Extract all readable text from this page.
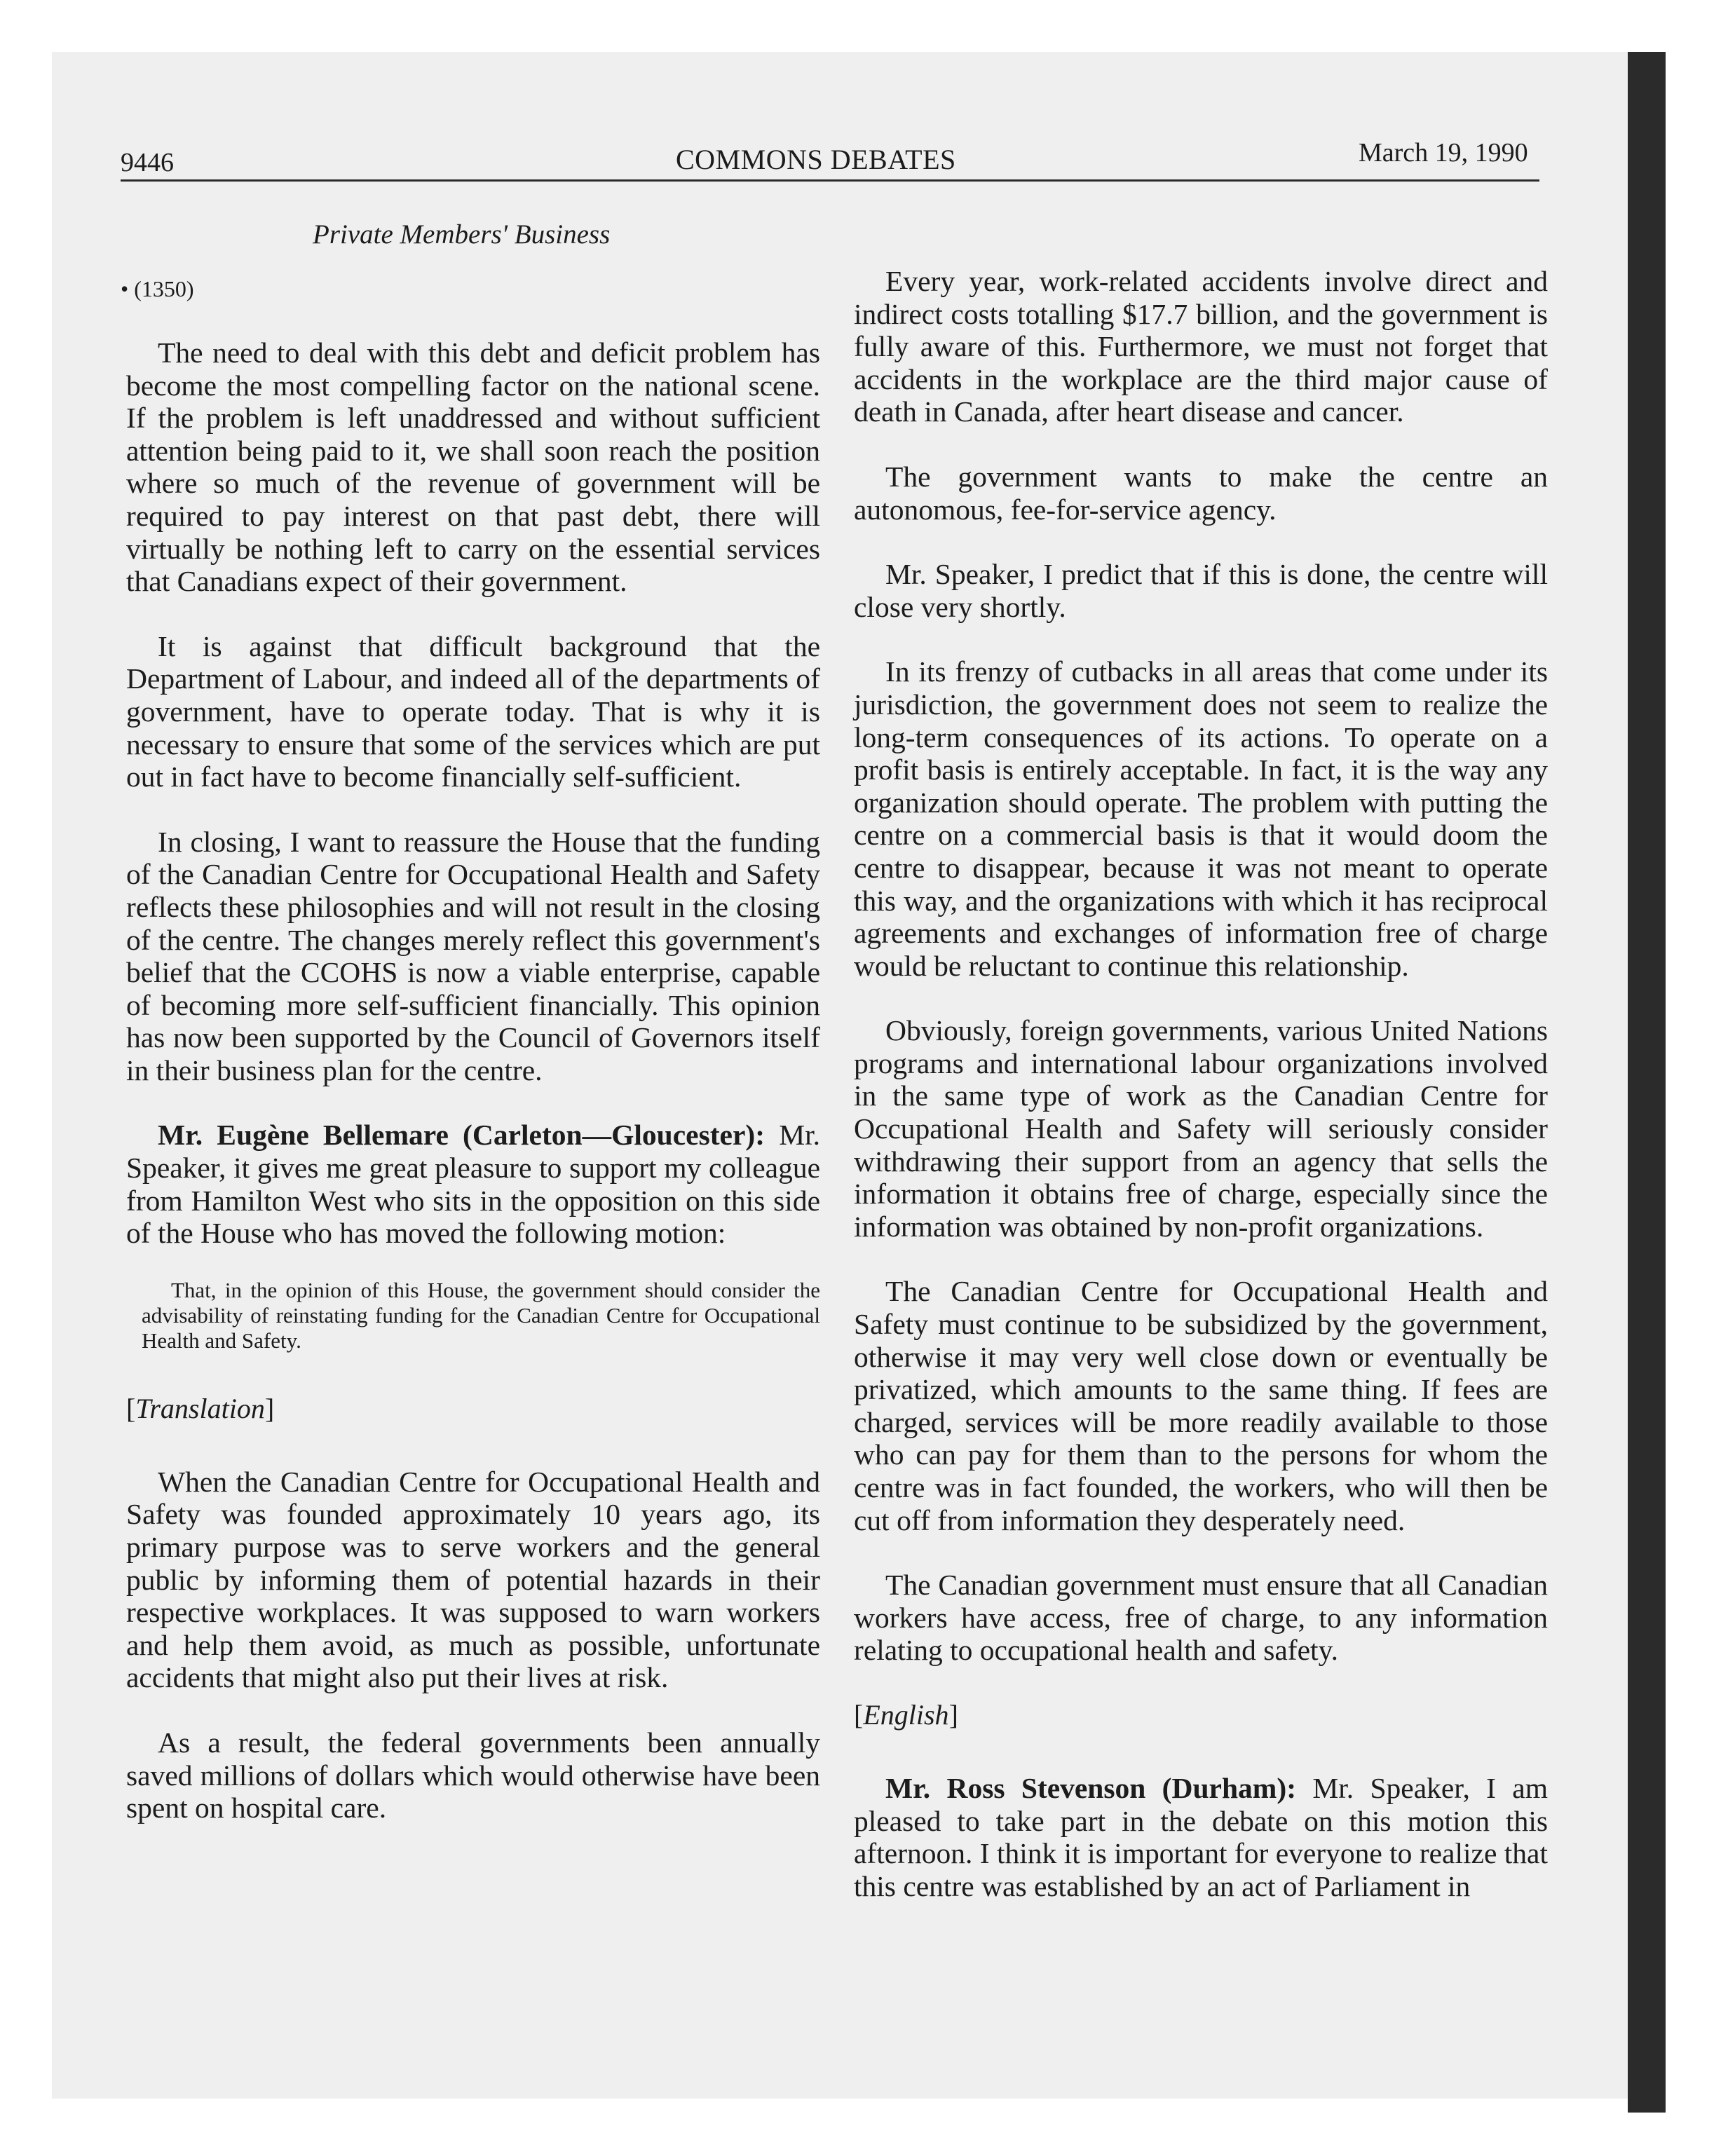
9446	COMMONS DEBATES	March 19, 1990
Private Members' Business
• (1350)

The need to deal with this debt and deficit problem has become the most compelling factor on the national scene. If the problem is left unaddressed and without sufficient attention being paid to it, we shall soon reach the position where so much of the revenue of government will be required to pay interest on that past debt, there will virtually be nothing left to carry on the essential services that Canadians expect of their government.

It is against that difficult background that the Department of Labour, and indeed all of the departments of government, have to operate today. That is why it is necessary to ensure that some of the services which are put out in fact have to become financially self-sufficient.

In closing, I want to reassure the House that the funding of the Canadian Centre for Occupational Health and Safety reflects these philosophies and will not result in the closing of the centre. The changes merely reflect this government's belief that the CCOHS is now a viable enterprise, capable of becoming more self-sufficient financially. This opinion has now been supported by the Council of Governors itself in their business plan for the centre.

Mr. Eugène Bellemare (Carleton—Gloucester): Mr. Speaker, it gives me great pleasure to support my colleague from Hamilton West who sits in the opposition on this side of the House who has moved the following motion:

That, in the opinion of this House, the government should consider the advisability of reinstating funding for the Canadian Centre for Occupational Health and Safety.

[Translation]

When the Canadian Centre for Occupational Health and Safety was founded approximately 10 years ago, its primary purpose was to serve workers and the general public by informing them of potential hazards in their respective workplaces. It was supposed to warn workers and help them avoid, as much as possible, unfortunate accidents that might also put their lives at risk.

As a result, the federal governments been annually saved millions of dollars which would otherwise have been spent on hospital care.

Every year, work-related accidents involve direct and indirect costs totalling $17.7 billion, and the government is fully aware of this. Furthermore, we must not forget that accidents in the workplace are the third major cause of death in Canada, after heart disease and cancer.

The government wants to make the centre an autonomous, fee-for-service agency.

Mr. Speaker, I predict that if this is done, the centre will close very shortly.

In its frenzy of cutbacks in all areas that come under its jurisdiction, the government does not seem to realize the long-term consequences of its actions. To operate on a profit basis is entirely acceptable. In fact, it is the way any organization should operate. The problem with putting the centre on a commercial basis is that it would doom the centre to disappear, because it was not meant to operate this way, and the organizations with which it has reciprocal agreements and exchanges of information free of charge would be reluctant to continue this relationship.

Obviously, foreign governments, various United Nations programs and international labour organizations involved in the same type of work as the Canadian Centre for Occupational Health and Safety will seriously consider withdrawing their support from an agency that sells the information it obtains free of charge, especially since the information was obtained by non-profit organizations.

The Canadian Centre for Occupational Health and Safety must continue to be subsidized by the government, otherwise it may very well close down or eventually be privatized, which amounts to the same thing. If fees are charged, services will be more readily available to those who can pay for them than to the persons for whom the centre was in fact founded, the workers, who will then be cut off from information they desperately need.

The Canadian government must ensure that all Canadian workers have access, free of charge, to any information relating to occupational health and safety.

[English]

Mr. Ross Stevenson (Durham): Mr. Speaker, I am pleased to take part in the debate on this motion this afternoon. I think it is important for everyone to realize that this centre was established by an act of Parliament in
